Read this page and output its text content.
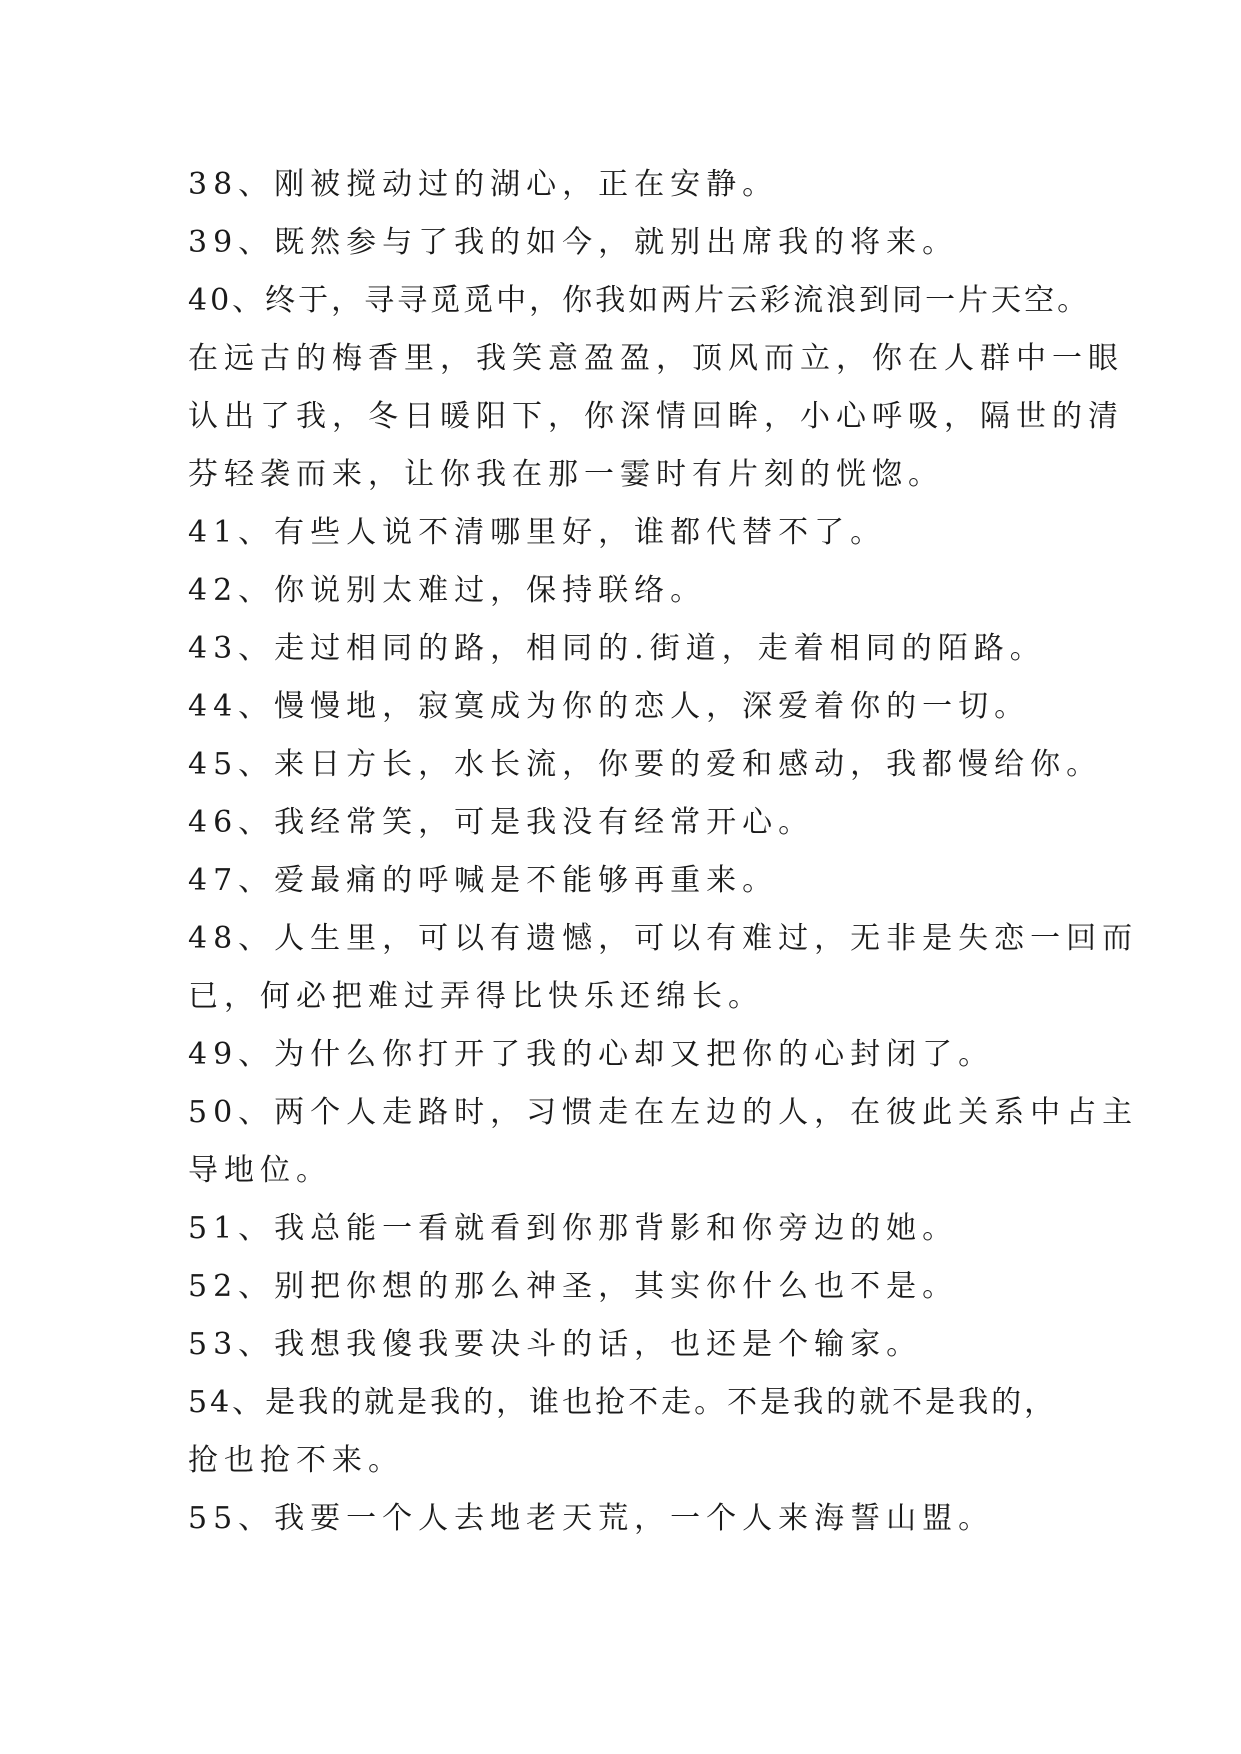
38、刚被搅动过的湖心，正在安静。

39、既然参与了我的如今，就别出席我的将来。

40、终于，寻寻觅觅中，你我如两片云彩流浪到同一片天空。

在远古的梅香里，我笑意盈盈，顶风而立，你在人群中一眼

认出了我，冬日暖阳下，你深情回眸，小心呼吸，隔世的清

芬轻袭而来，让你我在那一霎时有片刻的恍惚。

41、有些人说不清哪里好，谁都代替不了。

42、你说别太难过，保持联络。

43、走过相同的路，相同的.街道，走着相同的陌路。

44、慢慢地，寂寞成为你的恋人，深爱着你的一切。

45、来日方长，水长流，你要的爱和感动，我都慢给你。

46、我经常笑，可是我没有经常开心。

47、爱最痛的呼喊是不能够再重来。

48、人生里，可以有遗憾，可以有难过，无非是失恋一回而

已，何必把难过弄得比快乐还绵长。

49、为什么你打开了我的心却又把你的心封闭了。

50、两个人走路时，习惯走在左边的人，在彼此关系中占主

导地位。

51、我总能一看就看到你那背影和你旁边的她。

52、别把你想的那么神圣，其实你什么也不是。

53、我想我傻我要决斗的话，也还是个输家。

54、是我的就是我的，谁也抢不走。不是我的就不是我的，

抢也抢不来。

55、我要一个人去地老天荒，一个人来海誓山盟。
